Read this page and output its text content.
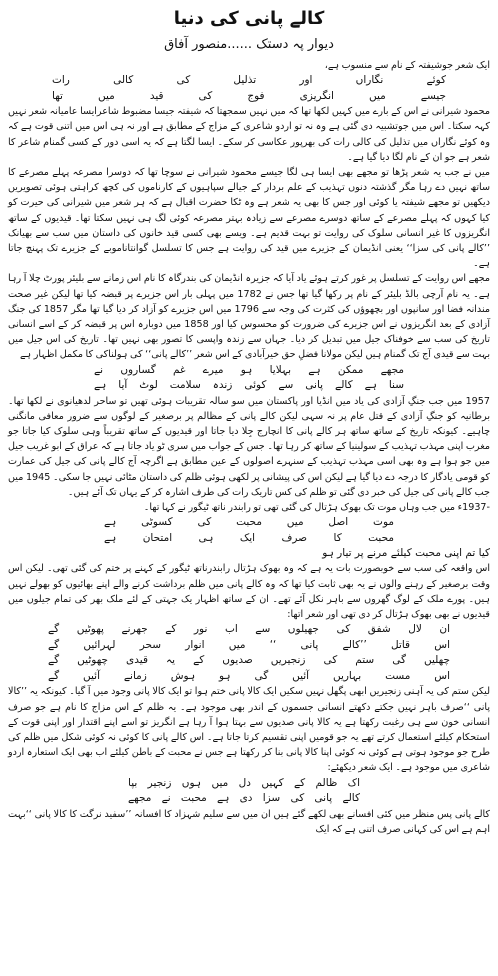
کالے پانی کی دنیا

دیوار پہ دستک ......منصور آفاق

ایک شعر جوشیفتہ کے نام سے منسوب ہے،

کوئے نگاراں اور تذلیل کی کالی رات

جیسے میں انگریزی فوج کی قید میں تھا

محمود شیرانی نے اس کے بارے میں کہیں لکھا تھا کہ میں نہیں سمجھتا کہ شیفتہ جیسا مضبوط شاعرایسا عامیانہ شعر نہیں کہہ سکتا۔ اس میں جوتشبیہ دی گئی ہے وہ نہ تو اردو شاعری کے مزاج کے مطابق ہے اور نہ ہی اس میں اتنی قوت ہے کہ وہ کوئے نگاراں میں تذلیل کی کالی رات کی بھرپور عکاسی کر سکے۔ ایسا لگتا ہے کہ یہ اسی دور کے کسی گمنام شاعر کا شعر ہے جو ان کے نام لگا دیا گیا ہے۔

میں نے جب یہ شعر پڑھا تو مجھے بھی ایسا ہی لگا جیسے محمود شیرانی نے سوچا تھا کہ دوسرا مصرعہ پہلے مصرعے کا ساتھ نہیں دے رہا مگر گذشتہ دنوں تہذیب کے علم بردار کے جیالے سپاہیوں کے کارناموں کی کچھ کراہتی ہوئی تصویریں دیکھیں تو مجھے شیفتہ یا کوئی اور جس کا بھی یہ شعر ہے وہ ٹکا حضرت اقبال ہے کہ ہر شعر میں شیرانی کی حیرت کو کیا کہوں کہ پہلے مصرعے کے ساتھ دوسرے مصرعے سے زیادہ بہتر مصرعہ کوئی لگ ہی نہیں سکتا تھا۔ قیدیوں کے ساتھ انگریزوں کا غیر انسانی سلوک کی روایت تو بہت قدیم ہے۔ ویسے بھی کسی قید خانوں کی داستان میں سب سے بھیانک ’’کالے پانی کی سزا‘‘ یعنی انڈیمان کے جزیرے میں قید کی روایت ہے جس کا تسلسل گوانتاناموبے کے جزیرے تک پہنچ جاتا ہے۔

مجھے اس روایت کے تسلسل پر غور کرتے ہوئے یاد آیا کہ جزیرہ انڈیمان کی بندرگاہ کا نام اس زمانے سے بلیئر پورٹ چلا آ رہا ہے۔ یہ نام آرچی بالڈ بلیئر کے نام پر رکھا گیا تھا جس نے 1782 میں پہلی بار اس جزیرے پر قبضہ کیا تھا لیکن غیر صحت مندانہ فضا اور سانپوں اور بچھوؤں کی کثرت کی وجہ سے 1796 میں اس جزیرے کو آزاد کر دیا گیا تھا مگر 1857 کی جنگ آزادی کے بعد انگریزوں نے اس جزیرے کی ضرورت کو محسوس کیا اور 1858 میں دوبارہ اس پر قبضہ کر کے اسے انسانی تاریخ کی سب سے خوفناک جیل میں تبدیل کر دیا۔ جہاں سے زندہ واپسی کا تصور بھی نہیں تھا۔ تاریخ کی اس جیل میں بہت سے قیدی آج تک گمنام ہیں لیکن مولانا فضلِ حق خیرآبادی کے اس شعر ’’کالے پانی‘‘ کی ہولناکی کا مکمل اظہار ہے

مجھے ممکن ہے بہلایا ہو میرے غم گساروں نے

سنا ہے کالے پانی سے کوئی زندہ سلامت لوٹ آیا ہے

1957 میں جب جنگِ آزادی کی یاد میں انڈیا اور پاکستان میں سو سالہ تقریبات ہوئی تھیں تو ساحر لدھیانوی نے لکھا تھا۔ برطانیہ کو جنگِ آزادی کے قتل عام پر نہ سہی لیکن کالے پانی کے مظالم پر برصغیر کے لوگوں سے ضرور معافی مانگنی چاہیے۔ کیونکہ تاریخ کے ساتھ ساتھ ہر کالے پانی کا انچارج جِلا دیا جاتا اور قیدیوں کے ساتھ تقریباً وہی سلوک کیا جاتا جو مغرب اپنی مہذب تہذیب کے سولینیا کے ساتھ کر رہا تھا۔ جس کے جواب میں سری ٹو یاد جاتا ہے کہ عراق کے ابو غریب جیل میں جو ہوا ہے وہ بھی اسی مہذب تہذیب کے سنہرے اصولوں کے عین مطابق ہے اگرچہ آج کالے پانی کی جیل کی عمارت کو قومی یادگار کا درجہ دے دیا گیا ہے لیکن اس کی پیشانی پر لکھی ہوئی ظلم کی داستان مٹائی نہیں جا سکی۔ 1945 میں جب کالے پانی کی جیل کی خبر دی گئی تو ظلم کی کس تاریک رات کی طرف اشارہ کر کے یہاں تک آئے ہیں۔

-1937ء میں جب وہاں موت تک بھوک ہڑتال کی گئی تھی تو رابندر ناتھ ٹیگور نے کہا تھا۔

موت اصل میں محبت کی کسوٹی ہے

محبت کا صرف ایک ہی امتحان ہے

کیا تم اپنی محبت کیلئے مرنے پر تیار ہو

اس واقعہ کی سب سے خوبصورت بات یہ ہے کہ وہ بھوک ہڑتال رابندرناتھ ٹیگور کے کہنے پر ختم کی گئی تھی۔ لیکن اس وقت برصغیر کے رہنے والوں نے یہ بھی ثابت کیا تھا کہ وہ کالے پانی میں ظلم برداشت کرنے والے اپنے بھائیوں کو بھولے نہیں ہیں۔ پورے ملک کے لوگ گھروں سے باہر نکل آئے تھے۔ ان کے ساتھ اظہار یک جہتی کے لئے ملک بھر کی تمام جیلوں میں قیدیوں نے بھی بھوک ہڑتال کر دی تھی اور شعر اتھا:

ان لال شفق کی جھیلوں سے اب نور کے جھرنے پھوٹیں گے

اس قاتل ’’کالے پانی ‘‘ میں انوار سحر لہرائیں گے

چھلیں گی ستم کی زنجیریں صدیوں کے یہ قیدی چھوٹیں گے

اس مست بہاریں آئیں گی ہو ہوش زمانے آئیں گے

لیکن ستم کی یہ آہنی زنجیریں ابھی پگھل نہیں سکیں ایک کالا پانی ختم ہوا تو ایک کالا پانی وجود میں آ گیا۔ کیونکہ یہ ’’کالا پانی ‘‘صرف باہر نہیں جکتے دکھتے انسانی جسموں کے اندر بھی موجود ہے۔ یہ ظلم کے اس مزاج کا نام ہے جو صرف انسانی خون سے ہی رغبت رکھتا ہے یہ کالا پانی صدیوں سے بہتا ہوا آ رہا ہے انگریز تو اسے اپنے اقتدار اور اپنی قوت کے استحکام کیلئے استعمال کرتے تھے یہ جو قومیں اپنی تقسیم کرتا جاتا ہے۔ اس کالے پانی کا کوئی نہ کوئی شکل میں ظلم کی طرح جو موجود ہوتی ہے کوئی نہ کوئی اپنا کالا پانی بنا کر رکھتا ہے جس نے محبت کے باطن کیلئے اب بھی ایک استعارہ اردو شاعری میں موجود ہے۔ ایک شعر دیکھئے:

اک ظالم کے کہیں دل میں ہوں زنجیر بپا

کالے پانی کی سزا دی ہے محبت نے مجھے

کالے پانی پس منظر میں کئی افسانے بھی لکھے گئے ہیں ان میں سے سلیم شہزاد کا افسانہ ’’سفید نرگت کا کالا پانی ‘‘بہت اہم ہے اس کی کہانی صرف اتنی ہے کہ ایک
